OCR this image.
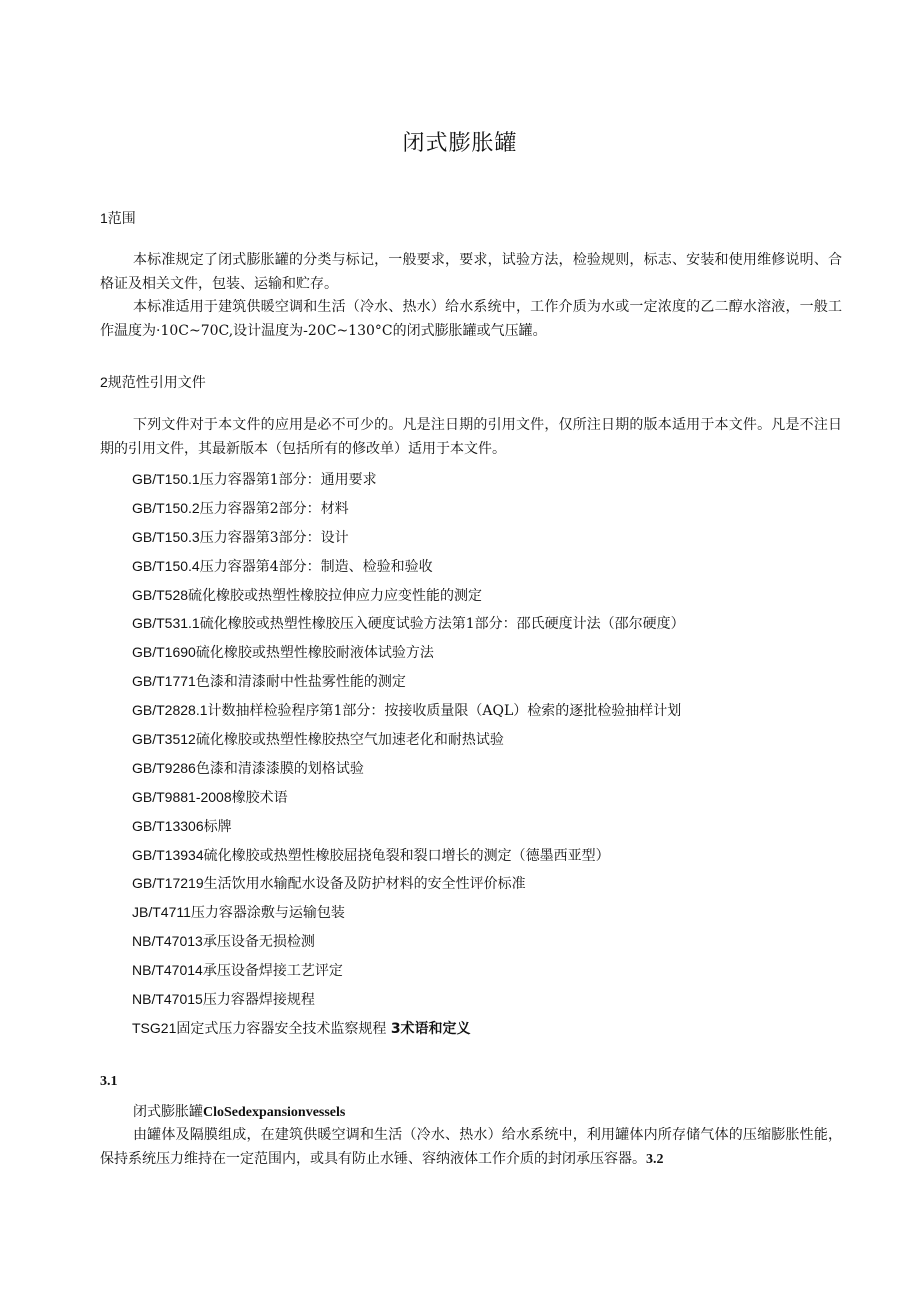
闭式膨胀罐
1范围

本标准规定了闭式膨胀罐的分类与标记，一般要求，要求，试验方法，检验规则，标志、安装和使用维修说明、合格证及相关文件，包装、运输和贮存。

本标准适用于建筑供暖空调和生活（冷水、热水）给水系统中，工作介质为水或一定浓度的乙二醇水溶液，一般工作温度为·10C~70C,设计温度为-20C~130°C的闭式膨胀罐或气压罐。

2规范性引用文件

下列文件对于本文件的应用是必不可少的。凡是注日期的引用文件，仅所注日期的版本适用于本文件。凡是不注日期的引用文件，其最新版本（包括所有的修改单）适用于本文件。

GB/T150.1压力容器第1部分：通用要求
GB/T150.2压力容器第2部分：材料
GB/T150.3压力容器第3部分：设计
GB/T150.4压力容器第4部分：制造、检验和验收
GB/T528硫化橡胶或热塑性橡胶拉伸应力应变性能的测定
GB/T531.1硫化橡胶或热塑性橡胶压入硬度试验方法第1部分：邵氏硬度计法（邵尔硬度）
GB/T1690硫化橡胶或热塑性橡胶耐液体试验方法
GB/T1771色漆和清漆耐中性盐雾性能的测定
GB/T2828.1计数抽样检验程序第1部分：按接收质量限（AQL）检索的逐批检验抽样计划
GB/T3512硫化橡胶或热塑性橡胶热空气加速老化和耐热试验
GB/T9286色漆和清漆漆膜的划格试验
GB/T9881-2008橡胶术语
GB/T13306标牌
GB/T13934硫化橡胶或热塑性橡胶屈挠龟裂和裂口增长的测定（德墨西亚型）
GB/T17219生活饮用水输配水设备及防护材料的安全性评价标准
JB/T4711压力容器涂敷与运输包装
NB/T47013承压设备无损检测
NB/T47014承压设备焊接工艺评定
NB/T47015压力容器焊接规程
TSG21固定式压力容器安全技术监察规程 3术语和定义
3.1
闭式膨胀罐CloSedexpansionvessels

由罐体及隔膜组成，在建筑供暖空调和生活（冷水、热水）给水系统中，利用罐体内所存储气体的压缩膨胀性能，保持系统压力维持在一定范围内，或具有防止水锤、容纳液体工作介质的封闭承压容器。3.2
